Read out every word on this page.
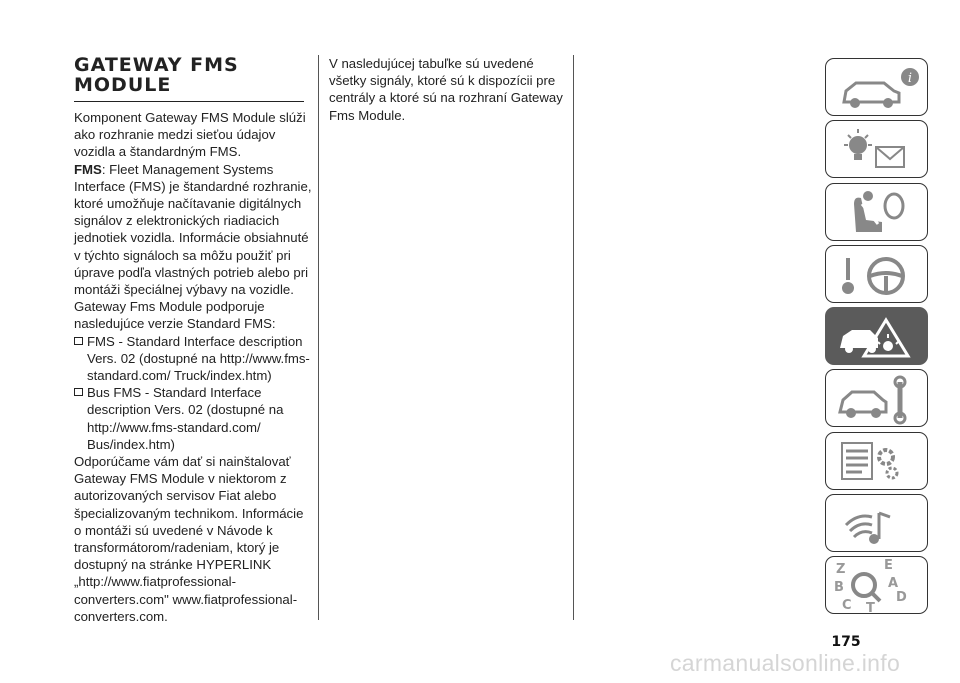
GATEWAY FMS
MODULE

Komponent Gateway FMS Module slúži ako rozhranie medzi sieťou údajov vozidla a štandardným FMS.

FMS: Fleet Management Systems Interface (FMS) je štandardné rozhranie, ktoré umožňuje načítavanie digitálnych signálov z elektronických riadiacich jednotiek vozidla. Informácie obsiahnuté v týchto signáloch sa môžu použiť pri úprave podľa vlastných potrieb alebo pri montáži špeciálnej výbavy na vozidle. Gateway Fms Module podporuje nasledujúce verzie Standard FMS:

FMS - Standard Interface description Vers. 02 (dostupné na http://www.fms-standard.com/ Truck/index.htm)
Bus FMS - Standard Interface description Vers. 02 (dostupné na http://www.fms-standard.com/ Bus/index.htm)

Odporúčame vám dať si nainštalovať Gateway FMS Module v niektorom z autorizovaných servisov Fiat alebo špecializovaným technikom. Informácie o montáži sú uvedené v Návode k transformátorom/radeniam, ktorý je dostupný na stránke HYPERLINK „http://www.fiatprofessional-converters.com" www.fiatprofessional-converters.com.

V nasledujúcej tabuľke sú uvedené všetky signály, ktoré sú k dispozícii pre centrály a ktoré sú na rozhraní Gateway Fms Module.

i
Z	E
B	A
C T
D
175
carmanualsonline.info
